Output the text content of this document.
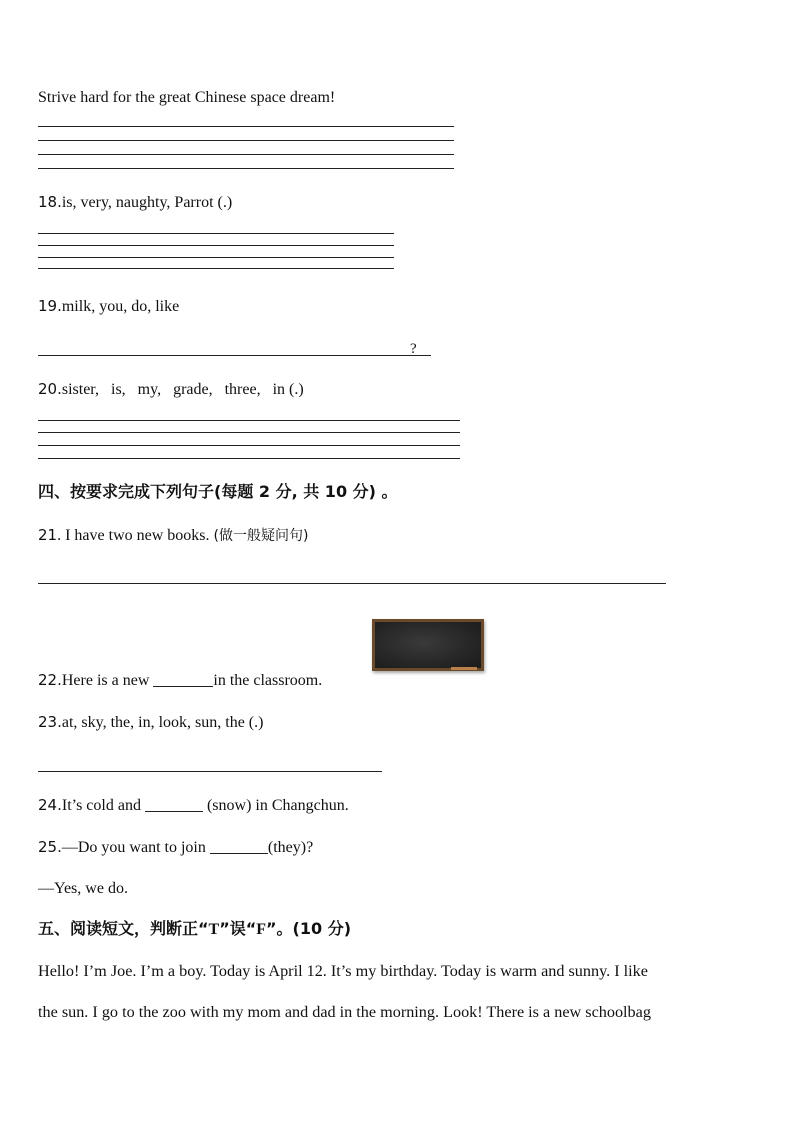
Strive hard for the great Chinese space dream!
18.is, very, naughty, Parrot (.)
19.milk, you, do, like
?
20.sister,   is,   my,   grade,   three,   in (.)
四、按要求完成下列句子(每题 2 分, 共 10 分) 。
21. I have two new books. (做一般疑问句)
22.Here is a new	in the classroom.
23.at, sky, the, in, look, sun, the (.)
24.It’s cold and	(snow) in Changchun.
25.—Do you want to join	(they)?
—Yes, we do.
五、阅读短文，判断正“T”误“F”。(10 分)
Hello! I’m Joe. I’m a boy. Today is April 12. It’s my birthday. Today is warm and sunny. I like
the sun. I go to the zoo with my mom and dad in the morning. Look! There is a new schoolbag
